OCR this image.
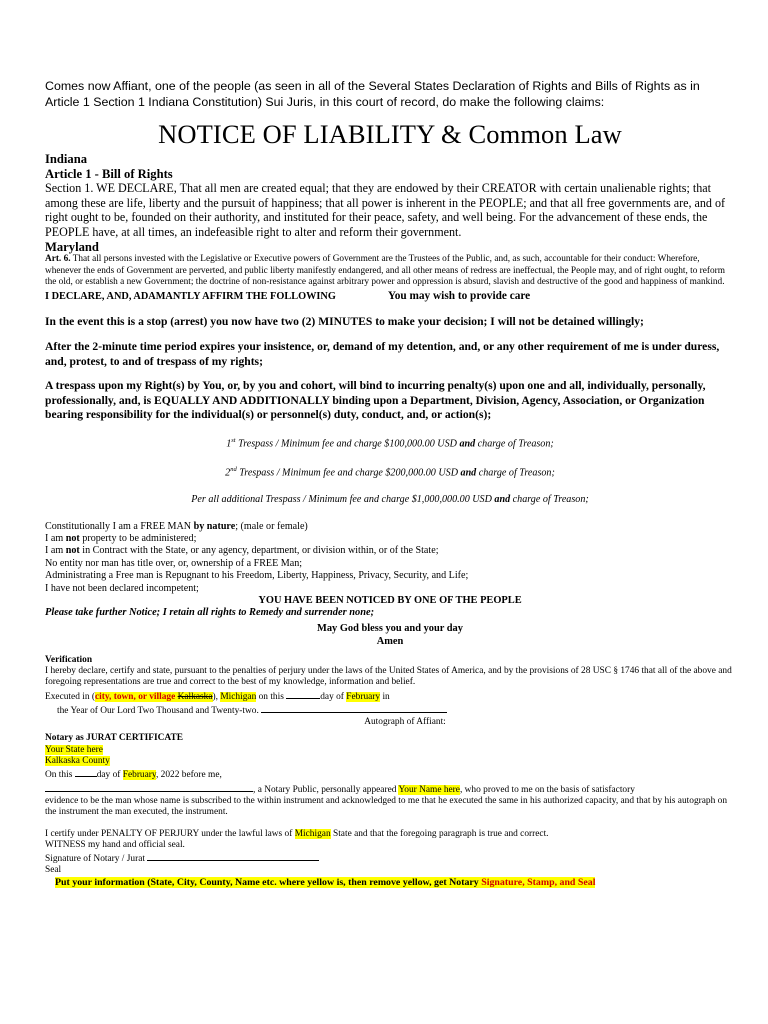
Comes now Affiant, one of the people (as seen in all of the Several States Declaration of Rights and Bills of Rights as in Article 1 Section 1 Indiana Constitution) Sui Juris, in this court of record, do make the following claims:
NOTICE OF LIABILITY & Common Law
Indiana
Article 1 - Bill of Rights
Section 1. WE DECLARE, That all men are created equal; that they are endowed by their CREATOR with certain unalienable rights; that among these are life, liberty and the pursuit of happiness; that all power is inherent in the PEOPLE; and that all free governments are, and of right ought to be, founded on their authority, and instituted for their peace, safety, and well being. For the advancement of these ends, the PEOPLE have, at all times, an indefeasible right to alter and reform their government.
Maryland
Art. 6. That all persons invested with the Legislative or Executive powers of Government are the Trustees of the Public, and, as such, accountable for their conduct: Wherefore, whenever the ends of Government are perverted, and public liberty manifestly endangered, and all other means of redress are ineffectual, the People may, and of right ought, to reform the old, or establish a new Government; the doctrine of non-resistance against arbitrary power and oppression is absurd, slavish and destructive of the good and happiness of mankind.
I DECLARE, AND, ADAMANTLY AFFIRM THE FOLLOWING	You may wish to provide care

In the event this is a stop (arrest) you now have two (2) MINUTES to make your decision; I will not be detained willingly;

After the 2-minute time period expires your insistence, or, demand of my detention, and, or any other requirement of me is under duress, and, protest, to and of trespass of my rights;

A trespass upon my Right(s) by You, or, by you and cohort, will bind to incurring penalty(s) upon one and all, individually, personally, professionally, and, is EQUALLY AND ADDITIONALLY binding upon a Department, Division, Agency, Association, or Organization bearing responsibility for the individual(s) or personnel(s) duty, conduct, and, or action(s);

1st Trespass / Minimum fee and charge $100,000.00 USD and charge of Treason;
2nd Trespass / Minimum fee and charge $200,000.00 USD and charge of Treason;
Per all additional Trespass / Minimum fee and charge $1,000,000.00 USD and charge of Treason;
Constitutionally I am a FREE MAN by nature; (male or female)
I am not property to be administered;
I am not in Contract with the State, or any agency, department, or division within, or of the State;
No entity nor man has title over, or, ownership of a FREE Man;
Administrating a Free man is Repugnant to his Freedom, Liberty, Happiness, Privacy, Security, and Life;
I have not been declared incompetent;
YOU HAVE BEEN NOTICED BY ONE OF THE PEOPLE
Please take further Notice; I retain all rights to Remedy and surrender none;
May God bless you and your day
Amen
Verification
I hereby declare, certify and state, pursuant to the penalties of perjury under the laws of the United States of America, and by the provisions of 28 USC § 1746 that all of the above and foregoing representations are true and correct to the best of my knowledge, information and belief.
Executed in (city, town, or village Kalkaska), Michigan on this	day of February in
the Year of Our Lord Two Thousand and Twenty-two.
Autograph of Affiant:
Notary as JURAT CERTIFICATE
Your State here
Kalkaska County
On this day of February, 2022 before me,
, a Notary Public, personally appeared Your Name here, who proved to me on the basis of satisfactory
evidence to be the man whose name is subscribed to the within instrument and acknowledged to me that he executed the same in his authorized capacity, and that by his autograph on the instrument the man executed, the instrument.
I certify under PENALTY OF PERJURY under the lawful laws of Michigan State and that the foregoing paragraph is true and correct.
WITNESS my hand and official seal.
Signature of Notary / Jurat
Seal
Put your information (State, City, County, Name etc. where yellow is, then remove yellow, get Notary Signature, Stamp, and Seal
